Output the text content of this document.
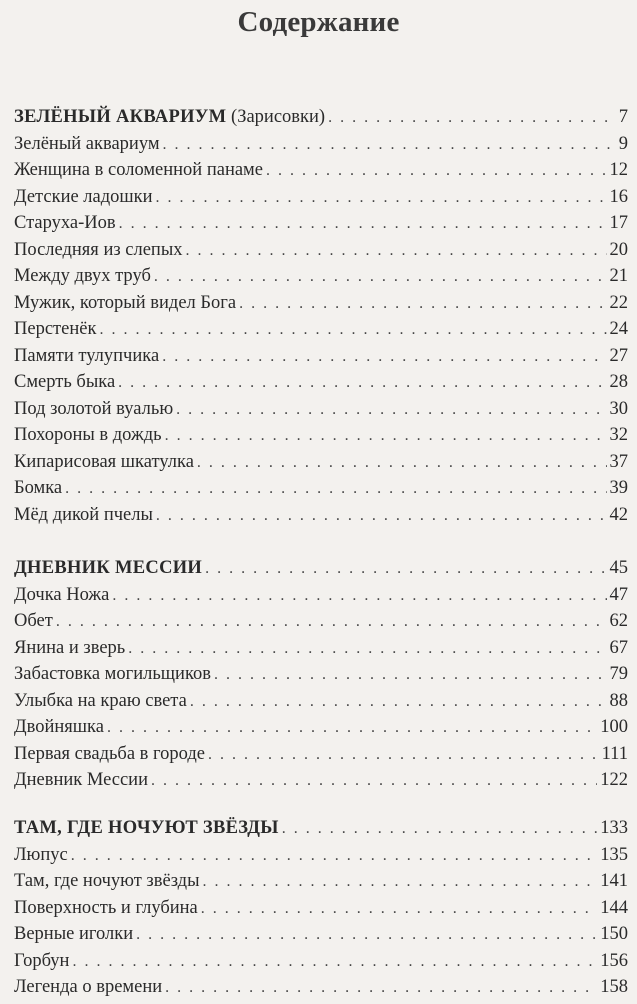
Содержание
ЗЕЛЁНЫЙ АКВАРИУМ (Зарисовки) . . .	7
Зелёный аквариум . . .	9
Женщина в соломенной панаме . . .	12
Детские ладошки . . .	16
Старуха-Иов . . .	17
Последняя из слепых . . .	20
Между двух труб . . .	21
Мужик, который видел Бога . . .	22
Перстенёк . . .	24
Памяти тулупчика . . .	27
Смерть быка . . .	28
Под золотой вуалью . . .	30
Похороны в дождь . . .	32
Кипарисовая шкатулка . . .	37
Бомка . . .	39
Мёд дикой пчелы . . .	42
ДНЕВНИК МЕССИИ . . .	45
Дочка Ножа . . .	47
Обет . . .	62
Янина и зверь . . .	67
Забастовка могильщиков . . .	79
Улыбка на краю света . . .	88
Двойняшка . . .	100
Первая свадьба в городе . . .	111
Дневник Мессии . . .	122
ТАМ, ГДЕ НОЧУЮТ ЗВЁЗДЫ . . .	133
Люпус . . .	135
Там, где ночуют звёзды . . .	141
Поверхность и глубина . . .	144
Верные иголки . . .	150
Горбун . . .	156
Легенда о времени . . .	158
